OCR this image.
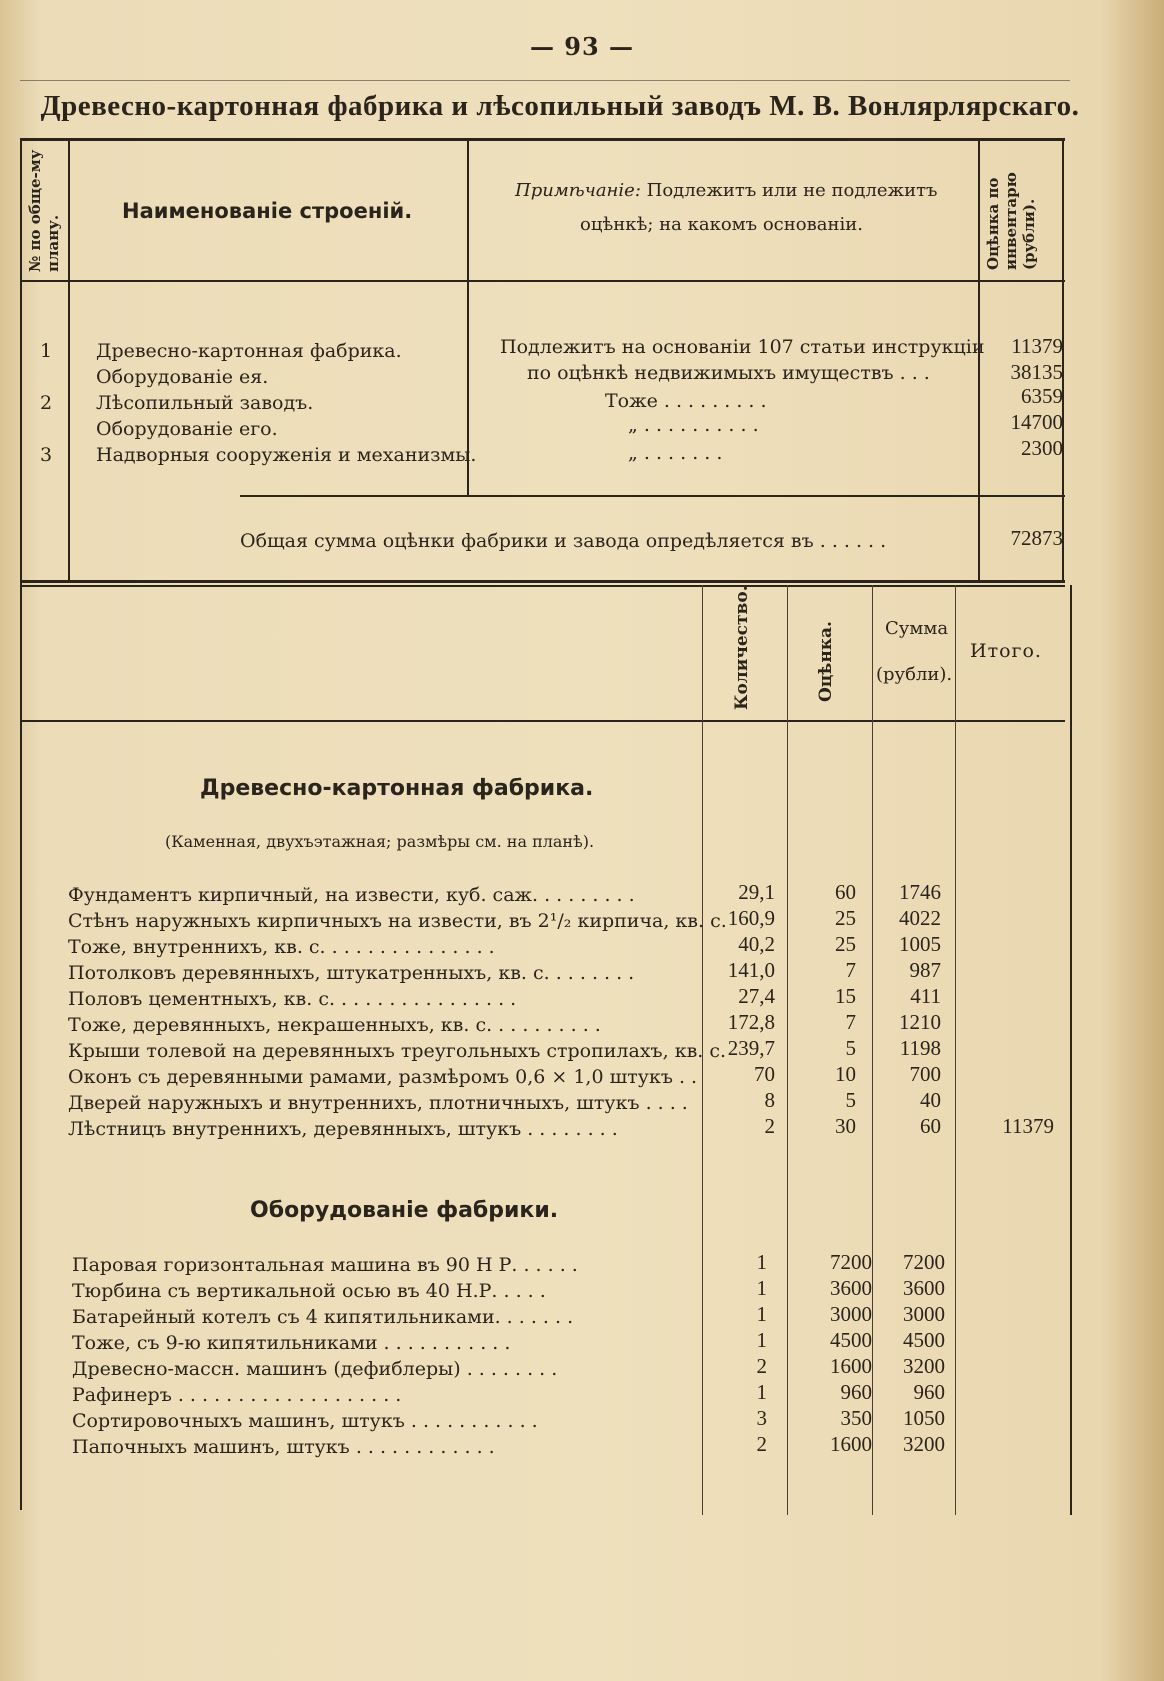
— 93 —
Древесно-картонная фабрика и лѣсопильный заводъ М. В. Вонлярлярскаго.
№ по обще-му плану.
Наименованіе строеній.
Примѣчаніе: Подлежитъ или не подлежитъ
оцѣнкѣ; на какомъ основаніи.	Оцѣнка по инвентарю (рубли).
1 Древесно-картонная фабрика.	Подлежитъ на основаніи 107 статьи инструкціи	11379
Оборудованіе ея.	по оцѣнкѣ недвижимыхъ имуществъ . . .	38135
2 Лѣсопильный заводъ.	Тоже . . . . . . . . .	6359
Оборудованіе его.	„ . . . . . . . . . .	14700
3 Надворныя сооруженія и механизмы.	„ . . . . . . .	2300
Общая сумма оцѣнки фабрики и завода опредѣляется въ . . . . . .	72873
Количество.	Оцѣнка.	Сумма
(рубли).
Итого.
Древесно-картонная фабрика.
(Каменная, двухъэтажная; размѣры см. на планѣ).
Фундаментъ кирпичный, на извести, куб. саж. . . . . . . . .	29,1	60	1746
Стѣнъ наружныхъ кирпичныхъ на извести, въ 2¹/₂ кирпича, кв. с. 160,9	25	4022
Тоже, внутреннихъ, кв. с. . . . . . . . . . . . . . .	40,2	25	1005
Потолковъ деревянныхъ, штукатренныхъ, кв. с. . . . . . . .	141,0	7	987
Половъ цементныхъ, кв. с. . . . . . . . . . . . . . . .	27,4	15	411
Тоже, деревянныхъ, некрашенныхъ, кв. с. . . . . . . . . .	172,8	7	1210
Крыши толевой на деревянныхъ треугольныхъ стропилахъ, кв. с. 239,7	5	1198
Оконъ съ деревянными рамами, размѣромъ 0,6 × 1,0 штукъ . .	70	10	700
Дверей наружныхъ и внутреннихъ, плотничныхъ, штукъ . . . .	8	5	40
Лѣстницъ внутреннихъ, деревянныхъ, штукъ . . . . . . . .	2	30	60	11379
Оборудованіе фабрики.
Паровая горизонтальная машина въ 90 Н Р. . . . . .	1	7200	7200
Тюрбина съ вертикальной осью въ 40 Н.Р. . . . .	1	3600	3600
Батарейный котелъ съ 4 кипятильниками. . . . . . .	1	3000	3000
Тоже, съ 9-ю кипятильниками . . . . . . . . . . .	1	4500	4500
Древесно-массн. машинъ (дефиблеры) . . . . . . . .	2	1600	3200
Рафинеръ . . . . . . . . . . . . . . . . . . .	1	960	960
Сортировочныхъ машинъ, штукъ . . . . . . . . . . .	3	350	1050
Папочныхъ машинъ, штукъ . . . . . . . . . . . .	2	1600	3200
